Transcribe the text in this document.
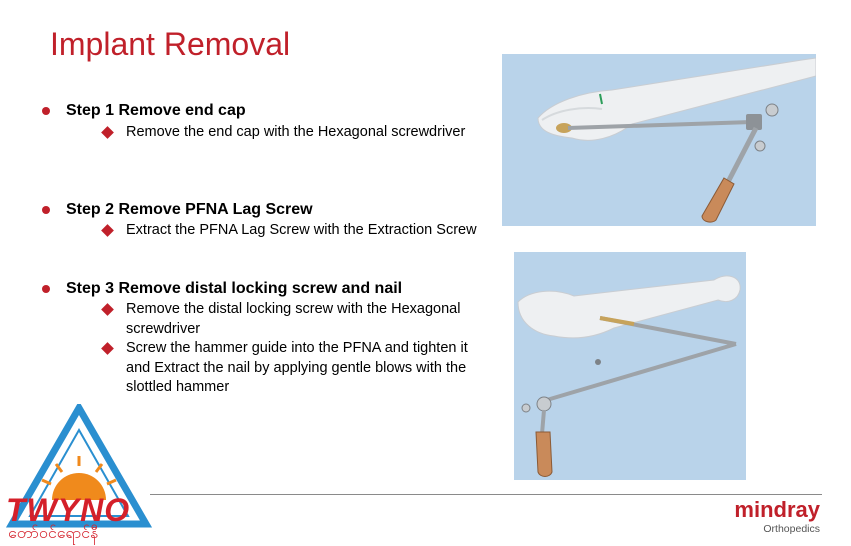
Implant Removal
Step 1 Remove end cap
Remove the end cap with the Hexagonal screwdriver
Step 2 Remove PFNA Lag Screw
Extract the PFNA Lag Screw with the Extraction Screw
Step 3 Remove distal locking screw and nail
Remove the distal locking screw with the Hexagonal screwdriver
Screw the hammer guide into the PFNA and tighten it and Extract the nail by applying gentle blows with the slottled hammer
TWYNO
တော်ဝင်ရောင်နီ
mindray
Orthopedics
